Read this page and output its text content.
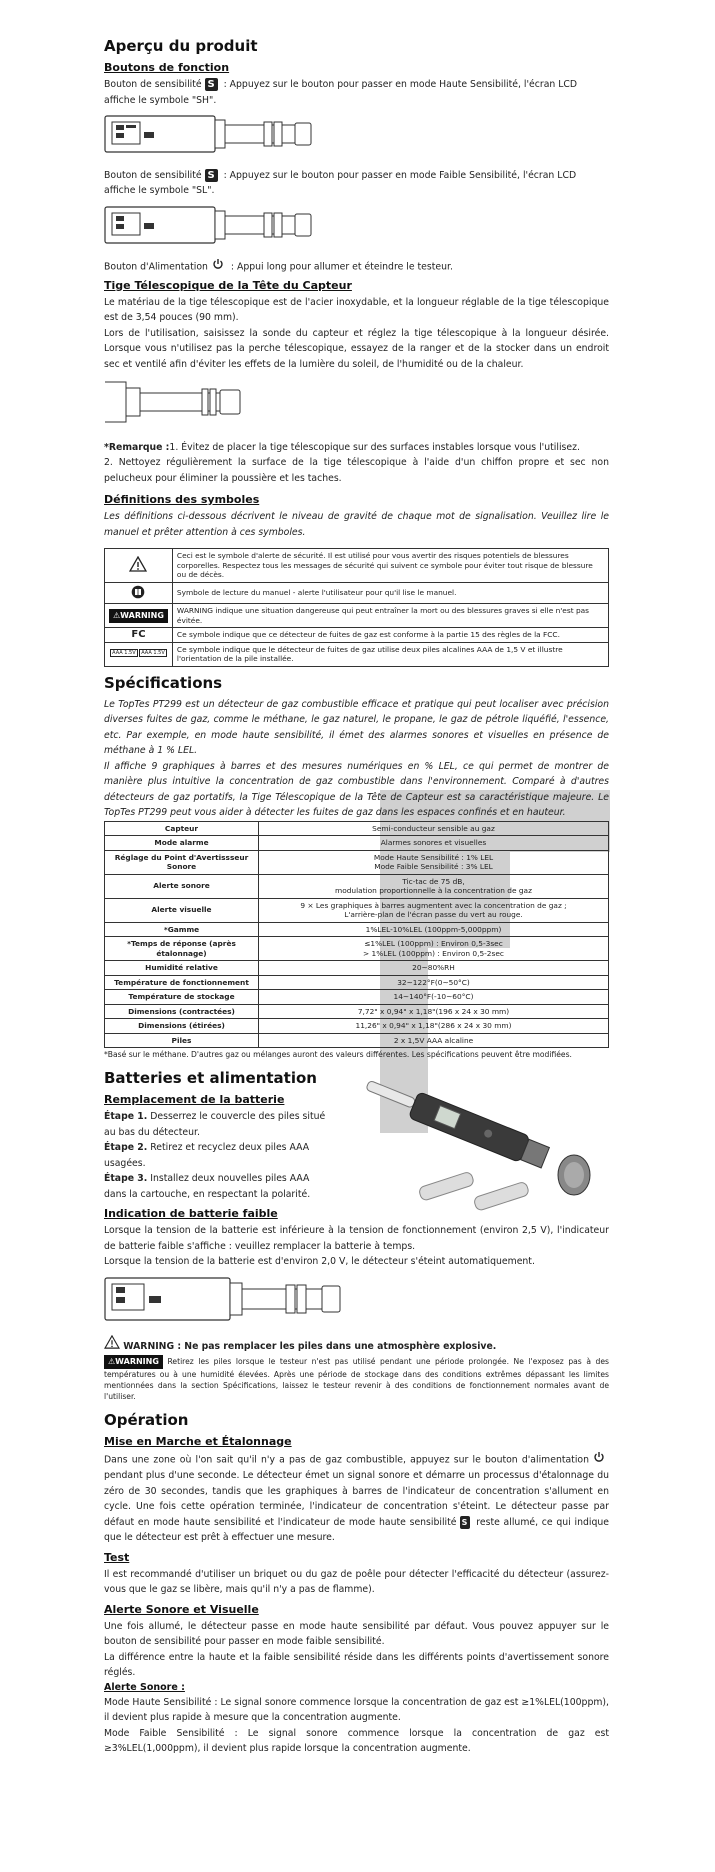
Aperçu du produit
Boutons de fonction

Bouton de sensibilité S : Appuyez sur le bouton pour passer en mode Haute Sensibilité, l'écran LCD affiche le symbole "SH".

Bouton de sensibilité S : Appuyez sur le bouton pour passer en mode Faible Sensibilité, l'écran LCD affiche le symbole "SL".

Bouton d'Alimentation : Appui long pour allumer et éteindre le testeur.

Tige Télescopique de la Tête du Capteur

Le matériau de la tige télescopique est de l'acier inoxydable, et la longueur réglable de la tige télescopique est de 3,54 pouces (90 mm).

Lors de l'utilisation, saisissez la sonde du capteur et réglez la tige télescopique à la longueur désirée. Lorsque vous n'utilisez pas la perche télescopique, essayez de la ranger et de la stocker dans un endroit sec et ventilé afin d'éviter les effets de la lumière du soleil, de l'humidité ou de la chaleur.

*Remarque :1. Évitez de placer la tige télescopique sur des surfaces instables lorsque vous l'utilisez.

2. Nettoyez régulièrement la surface de la tige télescopique à l'aide d'un chiffon propre et sec non pelucheux pour éliminer la poussière et les taches.

Définitions des symboles

Les définitions ci-dessous décrivent le niveau de gravité de chaque mot de signalisation. Veuillez lire le manuel et prêter attention à ces symboles.

	Ceci est le symbole d'alerte de sécurité. Il est utilisé pour vous avertir des risques potentiels de blessures corporelles. Respectez tous les messages de sécurité qui suivent ce symbole pour éviter tout risque de blessure ou de décès.
	Symbole de lecture du manuel - alerte l'utilisateur pour qu'il lise le manuel.
⚠WARNING	WARNING indique une situation dangereuse qui peut entraîner la mort ou des blessures graves si elle n'est pas évitée.
FC	Ce symbole indique que ce détecteur de fuites de gaz est conforme à la partie 15 des règles de la FCC.
AAA 1.5V AAA 1.5V	Ce symbole indique que le détecteur de fuites de gaz utilise deux piles alcalines AAA de 1,5 V et illustre l'orientation de la pile installée.
Spécifications

Le TopTes PT299 est un détecteur de gaz combustible efficace et pratique qui peut localiser avec précision diverses fuites de gaz, comme le méthane, le gaz naturel, le propane, le gaz de pétrole liquéfié, l'essence, etc. Par exemple, en mode haute sensibilité, il émet des alarmes sonores et visuelles en présence de méthane à 1 % LEL.

Il affiche 9 graphiques à barres et des mesures numériques en % LEL, ce qui permet de montrer de manière plus intuitive la concentration de gaz combustible dans l'environnement. Comparé à d'autres détecteurs de gaz portatifs, la Tige Télescopique de la Tête de Capteur est sa caractéristique majeure. Le TopTes PT299 peut vous aider à détecter les fuites de gaz dans les espaces confinés et en hauteur.

Capteur	Semi-conducteur sensible au gaz
Mode alarme	Alarmes sonores et visuelles
Réglage du Point d'Avertissseur Sonore	Mode Haute Sensibilité : 1% LEL
Mode Faible Sensibilité : 3% LEL
Alerte sonore	Tic-tac de 75 dB,
modulation proportionnelle à la concentration de gaz
Alerte visuelle	9 × Les graphiques à barres augmentent avec la concentration de gaz ;
L'arrière-plan de l'écran passe du vert au rouge.
*Gamme	1%LEL-10%LEL (100ppm-5,000ppm)
*Temps de réponse (après étalonnage)	≤1%LEL (100ppm) : Environ 0,5-3sec
> 1%LEL (100ppm) : Environ 0,5-2sec
Humidité relative	20~80%RH
Température de fonctionnement	32~122°F(0~50°C)
Température de stockage	14~140°F(-10~60°C)
Dimensions (contractées)	7,72" x 0,94" x 1,18"(196 x 24 x 30 mm)
Dimensions (étirées)	11,26" x 0,94" x 1,18"(286 x 24 x 30 mm)
Piles	2 x 1,5V AAA alcaline

*Basé sur le méthane. D'autres gaz ou mélanges auront des valeurs différentes. Les spécifications peuvent être modifiées.

Batteries et alimentation
Remplacement de la batterie

Étape 1. Desserrez le couvercle des piles situé au bas du détecteur.

Étape 2. Retirez et recyclez deux piles AAA usagées.

Étape 3. Installez deux nouvelles piles AAA dans la cartouche, en respectant la polarité.

Indication de batterie faible

Lorsque la tension de la batterie est inférieure à la tension de fonctionnement (environ 2,5 V), l'indicateur de batterie faible s'affiche : veuillez remplacer la batterie à temps.

Lorsque la tension de la batterie est d'environ 2,0 V, le détecteur s'éteint automatiquement.

WARNING : Ne pas remplacer les piles dans une atmosphère explosive.

⚠WARNING Retirez les piles lorsque le testeur n'est pas utilisé pendant une période prolongée. Ne l'exposez pas à des températures ou à une humidité élevées. Après une période de stockage dans des conditions extrêmes dépassant les limites mentionnées dans la section Spécifications, laissez le testeur revenir à des conditions de fonctionnement normales avant de l'utiliser.

Opération
Mise en Marche et Étalonnage

Dans une zone où l'on sait qu'il n'y a pas de gaz combustible, appuyez sur le bouton d'alimentation pendant plus d'une seconde. Le détecteur émet un signal sonore et démarre un processus d'étalonnage du zéro de 30 secondes, tandis que les graphiques à barres de l'indicateur de concentration s'allument en cycle. Une fois cette opération terminée, l'indicateur de concentration s'éteint. Le détecteur passe par défaut en mode haute sensibilité et l'indicateur de mode haute sensibilité S reste allumé, ce qui indique que le détecteur est prêt à effectuer une mesure.

Test

Il est recommandé d'utiliser un briquet ou du gaz de poêle pour détecter l'efficacité du détecteur (assurez-vous que le gaz se libère, mais qu'il n'y a pas de flamme).

Alerte Sonore et Visuelle

Une fois allumé, le détecteur passe en mode haute sensibilité par défaut. Vous pouvez appuyer sur le bouton de sensibilité pour passer en mode faible sensibilité.

La différence entre la haute et la faible sensibilité réside dans les différents points d'avertissement sonore réglés.

Alerte Sonore :

Mode Haute Sensibilité : Le signal sonore commence lorsque la concentration de gaz est ≥1%LEL(100ppm), il devient plus rapide à mesure que la concentration augmente.

Mode Faible Sensibilité : Le signal sonore commence lorsque la concentration de gaz est ≥3%LEL(1,000ppm), il devient plus rapide lorsque la concentration augmente.
